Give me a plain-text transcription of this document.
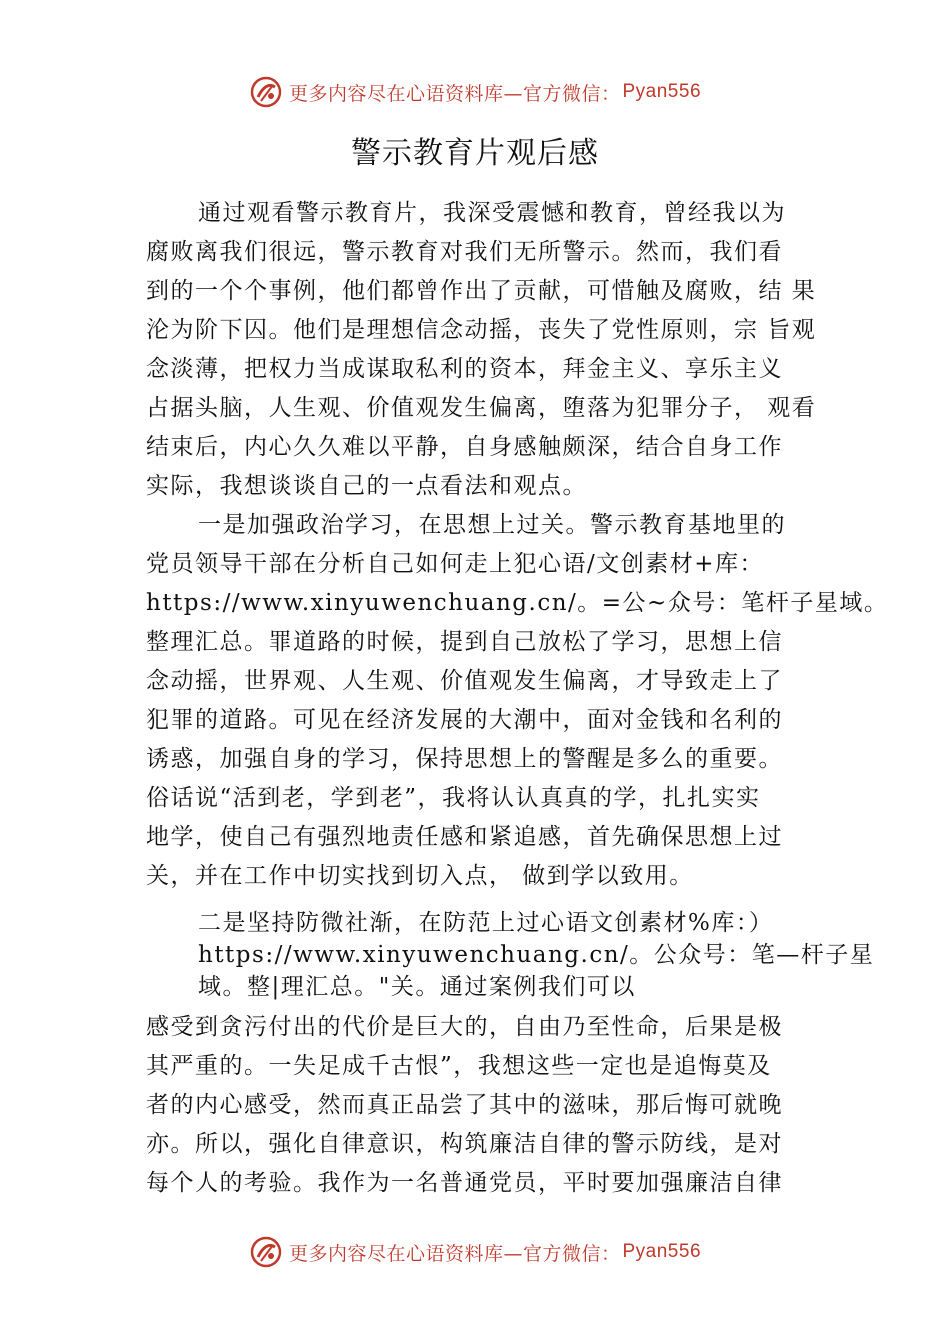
更多内容尽在心语资料库—官方微信： Pyan556
警示教育片观后感
通过观看警示教育片，我深受震憾和教育，曾经我以为
腐败离我们很远，警示教育对我们无所警示。然而，我们看
到的一个个事例，他们都曾作出了贡献，可惜触及腐败，结 果
沦为阶下囚。他们是理想信念动摇，丧失了党性原则，宗 旨观
念淡薄，把权力当成谋取私利的资本，拜金主义、享乐主义
占据头脑，人生观、价值观发生偏离，堕落为犯罪分子， 观看
结束后，内心久久难以平静，自身感触颇深，结合自身工作
实际，我想谈谈自己的一点看法和观点。
一是加强政治学习，在思想上过关。警示教育基地里的
党员领导干部在分析自己如何走上犯心语/文创素材+库：
https://www.xinyuwenchuang.cn/。=公~众号：笔杆子星域。
整理汇总。罪道路的时候，提到自己放松了学习，思想上信
念动摇，世界观、人生观、价值观发生偏离，才导致走上了
犯罪的道路。可见在经济发展的大潮中，面对金钱和名利的
诱惑，加强自身的学习，保持思想上的警醒是多么的重要。
俗话说“活到老，学到老”，我将认认真真的学，扎扎实实
地学，使自己有强烈地责任感和紧追感，首先确保思想上过
关，并在工作中切实找到切入点， 做到学以致用。
二是坚持防微社渐，在防范上过心语文创素材%库：）
https://www.xinyuwenchuang.cn/。公众号：笔—杆子星
域。整|理汇总。"关。通过案例我们可以
感受到贪污付出的代价是巨大的，自由乃至性命，后果是极
其严重的。一失足成千古恨”，我想这些一定也是追悔莫及
者的内心感受，然而真正品尝了其中的滋味，那后悔可就晚
亦。所以，强化自律意识，构筑廉洁自律的警示防线，是对
每个人的考验。我作为一名普通党员，平时要加强廉洁自律
更多内容尽在心语资料库—官方微信： Pyan556
